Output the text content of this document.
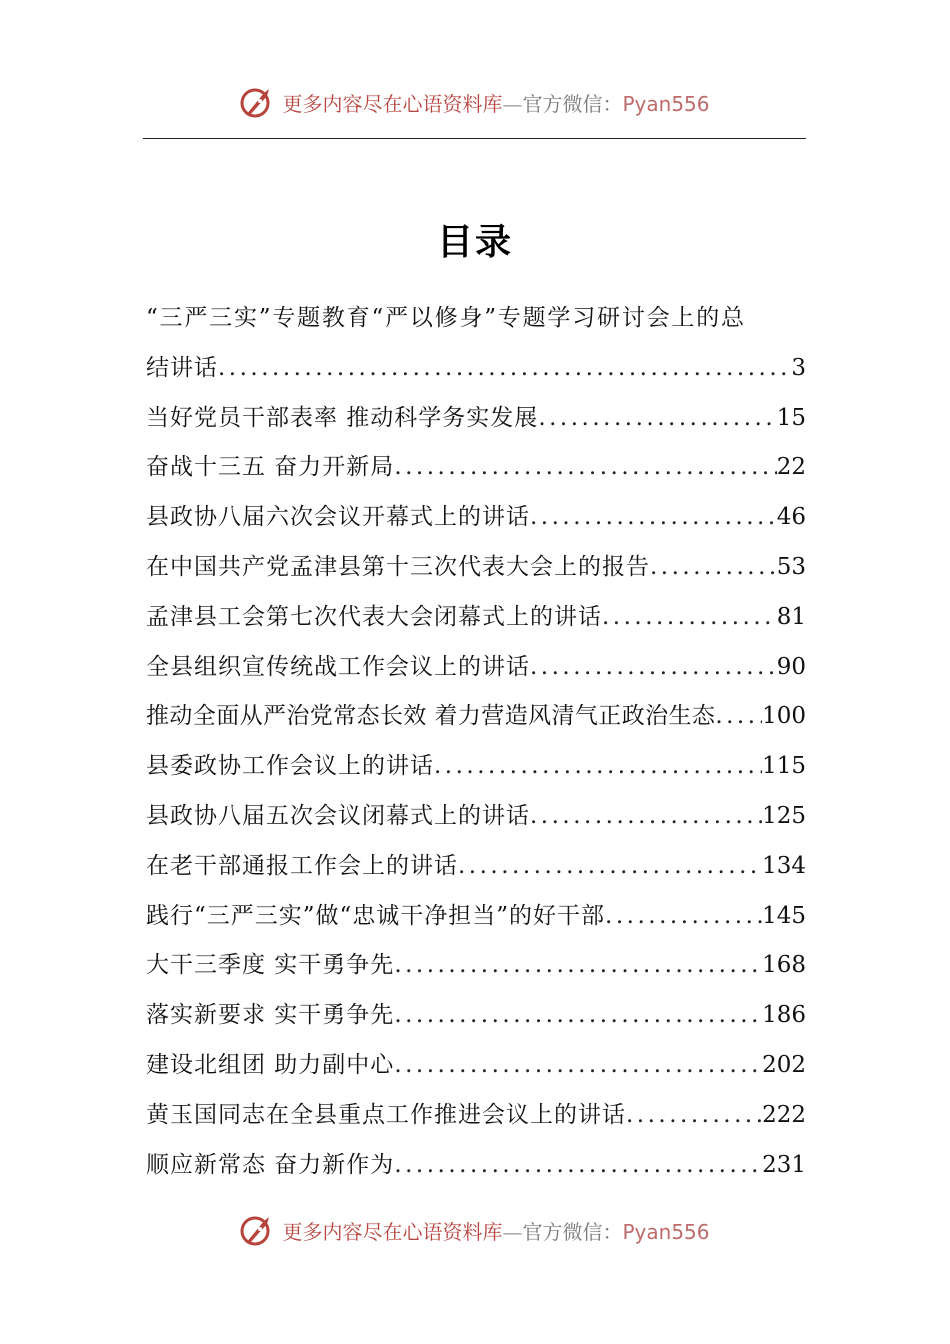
更多内容尽在心语资料库—官方微信：Pyan556
目录
“三严三实”专题教育“严以修身”专题学习研讨会上的总
结讲话 .....	3
当好党员干部表率 推动科学务实发展 .....	15
奋战十三五 奋力开新局 .....	22
县政协八届六次会议开幕式上的讲话 .....	46
在中国共产党孟津县第十三次代表大会上的报告 .....	53
孟津县工会第七次代表大会闭幕式上的讲话 .....	81
全县组织宣传统战工作会议上的讲话 .....	90
推动全面从严治党常态长效 着力营造风清气正政治生态 ..... 100
县委政协工作会议上的讲话 .....	115
县政协八届五次会议闭幕式上的讲话 .....	125
在老干部通报工作会上的讲话 .....	134
践行“三严三实”做“忠诚干净担当”的好干部 .....	145
大干三季度 实干勇争先 .....	168
落实新要求 实干勇争先 .....	186
建设北组团 助力副中心 .....	202
黄玉国同志在全县重点工作推进会议上的讲话 .....	222
顺应新常态 奋力新作为 .....	231
更多内容尽在心语资料库—官方微信：Pyan556
